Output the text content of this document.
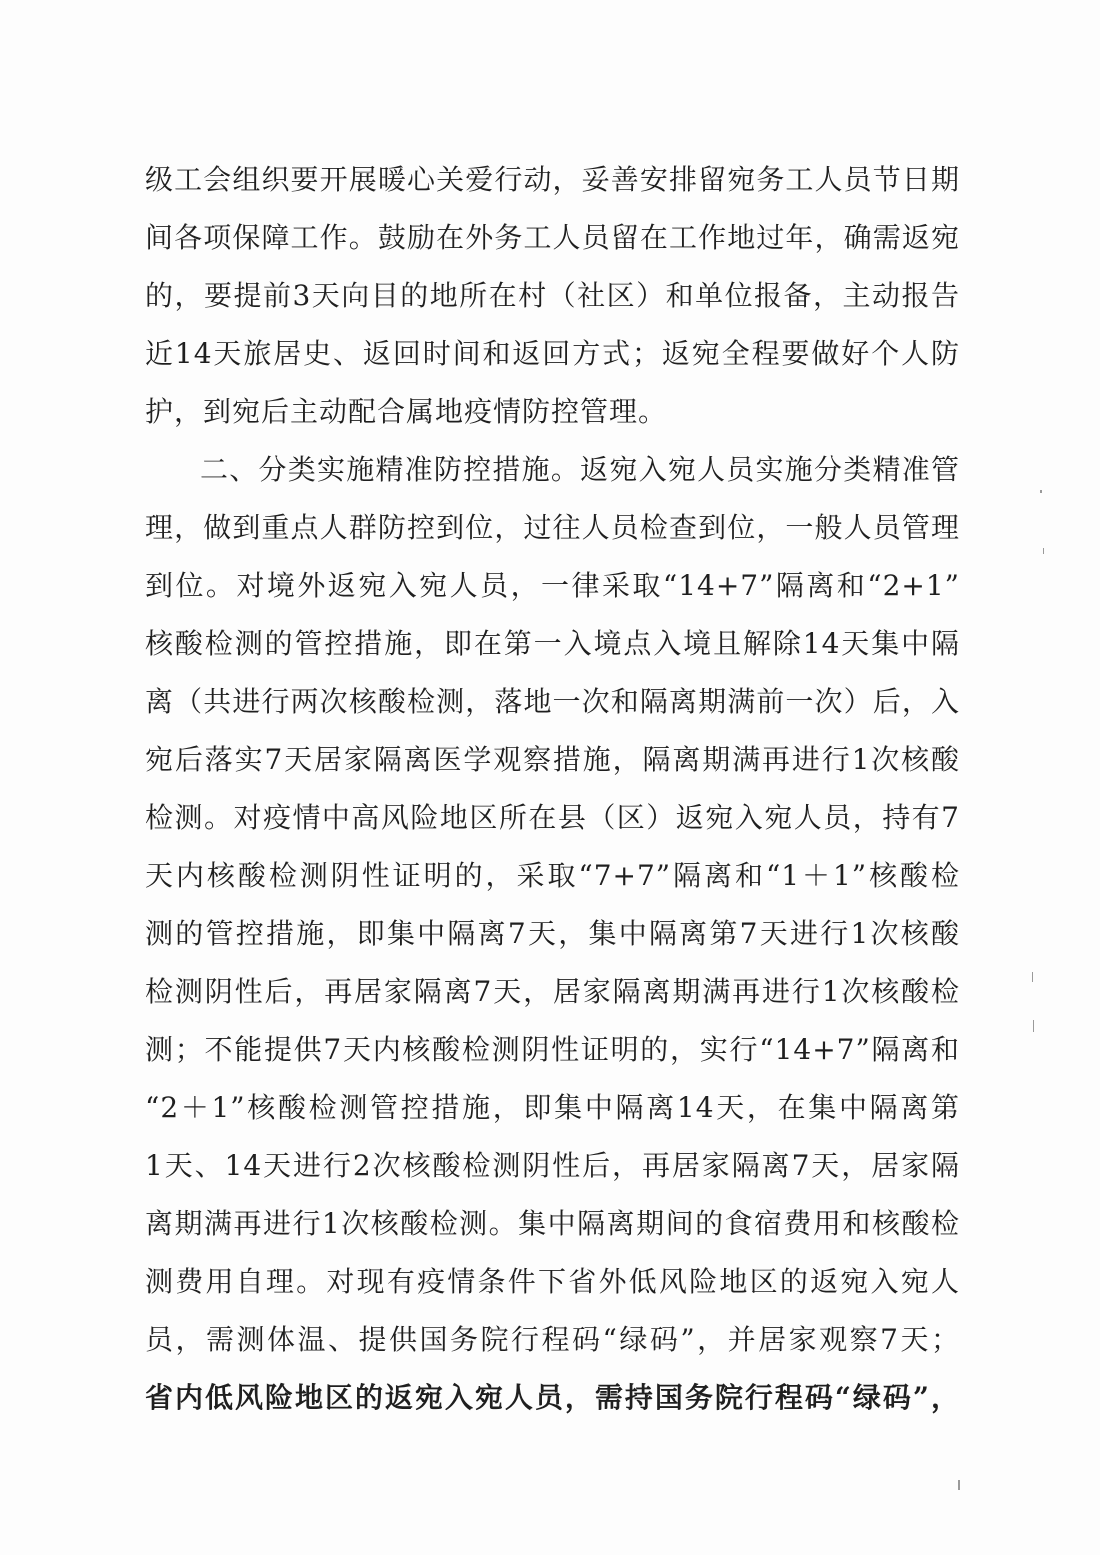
级工会组织要开展暖心关爱行动，妥善安排留宛务工人员节日期
间各项保障工作。鼓励在外务工人员留在工作地过年，确需返宛
的，要提前3天向目的地所在村（社区）和单位报备，主动报告
近14天旅居史、返回时间和返回方式；返宛全程要做好个人防
护，到宛后主动配合属地疫情防控管理。
二、分类实施精准防控措施。返宛入宛人员实施分类精准管
理，做到重点人群防控到位，过往人员检查到位，一般人员管理
到位。对境外返宛入宛人员，一律采取“14+7”隔离和“2+1”
核酸检测的管控措施，即在第一入境点入境且解除14天集中隔
离（共进行两次核酸检测，落地一次和隔离期满前一次）后，入
宛后落实7天居家隔离医学观察措施，隔离期满再进行1次核酸
检测。对疫情中高风险地区所在县（区）返宛入宛人员，持有7
天内核酸检测阴性证明的，采取“7+7”隔离和“1＋1”核酸检
测的管控措施，即集中隔离7天，集中隔离第7天进行1次核酸
检测阴性后，再居家隔离7天，居家隔离期满再进行1次核酸检
测；不能提供7天内核酸检测阴性证明的，实行“14+7”隔离和
“2＋1”核酸检测管控措施，即集中隔离14天，在集中隔离第
1天、14天进行2次核酸检测阴性后，再居家隔离7天，居家隔
离期满再进行1次核酸检测。集中隔离期间的食宿费用和核酸检
测费用自理。对现有疫情条件下省外低风险地区的返宛入宛人
员，需测体温、提供国务院行程码“绿码”，并居家观察7天；
省内低风险地区的返宛入宛人员，需持国务院行程码“绿码”，
